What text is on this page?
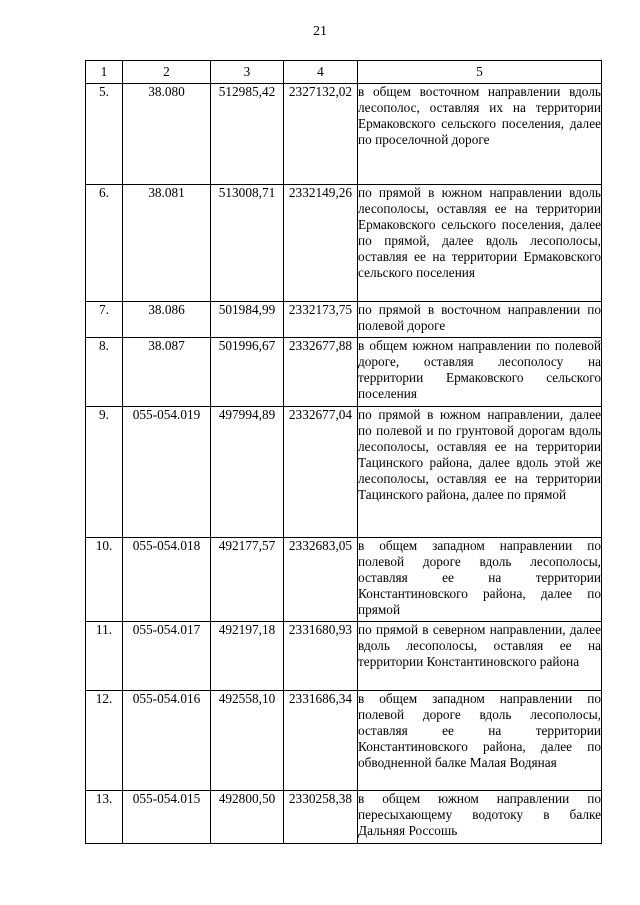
21
1	2	3	4	5
5.	38.080	512985,42	2327132,02	в общем восточном направлении вдоль лесополос, оставляя их на территории Ермаковского сельского поселения, далее по проселочной дороге
6.	38.081	513008,71	2332149,26	по прямой в южном направлении вдоль лесополосы, оставляя ее на территории Ермаковского сельского поселения, далее по прямой, далее вдоль лесополосы, оставляя ее на территории Ермаковского сельского поселения
7.	38.086	501984,99	2332173,75	по прямой в восточном направлении по полевой дороге
8.	38.087	501996,67	2332677,88	в общем южном направлении по полевой дороге, оставляя лесополосу на территории Ермаковского сельского поселения
9.	055-054.019	497994,89	2332677,04	по прямой в южном направлении, далее по полевой и по грунтовой дорогам вдоль лесополосы, оставляя ее на территории Тацинского района, далее вдоль этой же лесополосы, оставляя ее на территории Тацинского района, далее по прямой
10.	055-054.018	492177,57	2332683,05	в общем западном направлении по полевой дороге вдоль лесополосы, оставляя ее на территории Константиновского района, далее по прямой
11.	055-054.017	492197,18	2331680,93	по прямой в северном направлении, далее вдоль лесополосы, оставляя ее на территории Константиновского района
12.	055-054.016	492558,10	2331686,34	в общем западном направлении по полевой дороге вдоль лесополосы, оставляя ее на территории Константиновского района, далее по обводненной балке Малая Водяная
13.	055-054.015	492800,50	2330258,38	в общем южном направлении по пересыхающему водотоку в балке Дальняя Россошь
